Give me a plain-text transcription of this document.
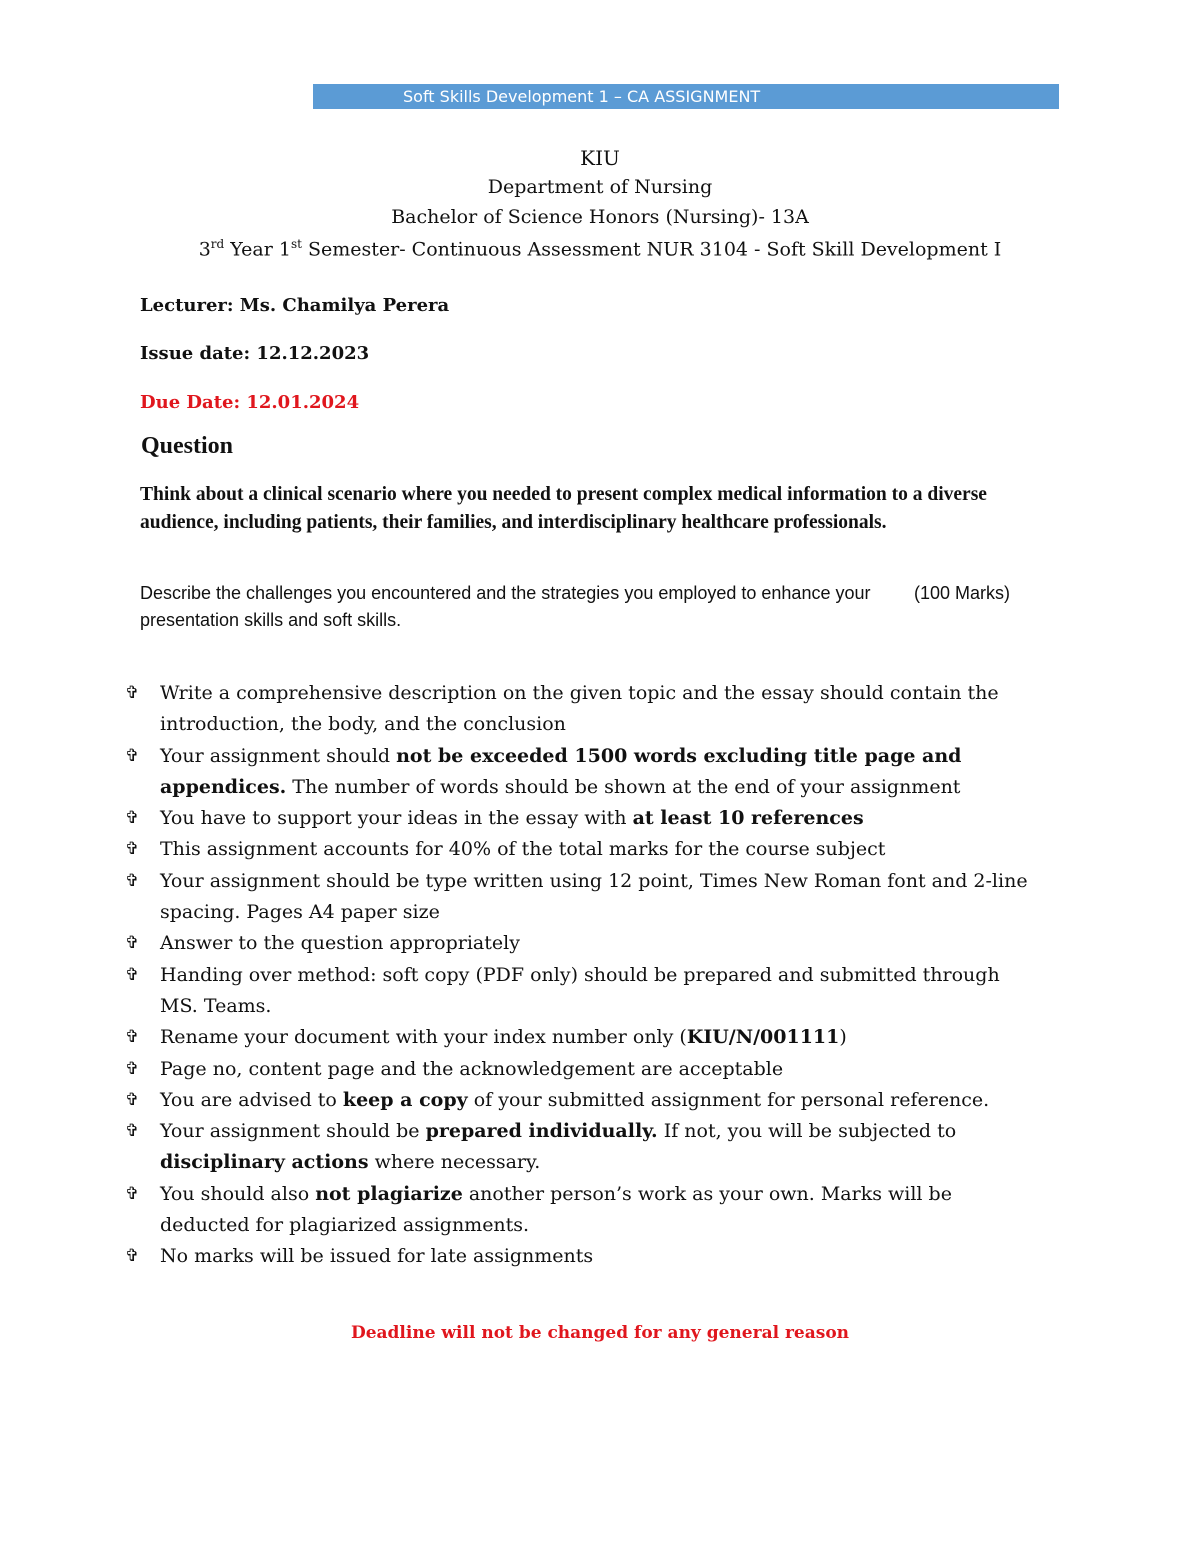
Soft Skills Development 1 – CA ASSIGNMENT
KIU
Department of Nursing
Bachelor of Science Honors (Nursing)- 13A
3rd Year 1st Semester- Continuous Assessment NUR 3104 - Soft Skill Development I
Lecturer: Ms. Chamilya Perera
Issue date: 12.12.2023
Due Date: 12.01.2024
Question
Think about a clinical scenario where you needed to present complex medical information to a diverse audience, including patients, their families, and interdisciplinary healthcare professionals.
(100 Marks)
Describe the challenges you encountered and the strategies you employed to enhance your presentation skills and soft skills.
✞ Write a comprehensive description on the given topic and the essay should contain the introduction, the body, and the conclusion
✞ Your assignment should not be exceeded 1500 words excluding title page and appendices. The number of words should be shown at the end of your assignment
✞ You have to support your ideas in the essay with at least 10 references
✞ This assignment accounts for 40% of the total marks for the course subject
✞ Your assignment should be type written using 12 point, Times New Roman font and 2-line spacing. Pages A4 paper size
✞ Answer to the question appropriately
✞ Handing over method: soft copy (PDF only) should be prepared and submitted through MS. Teams.
✞ Rename your document with your index number only (KIU/N/001111)
✞ Page no, content page and the acknowledgement are acceptable
✞ You are advised to keep a copy of your submitted assignment for personal reference.
✞ Your assignment should be prepared individually. If not, you will be subjected to disciplinary actions where necessary.
✞ You should also not plagiarize another person’s work as your own. Marks will be deducted for plagiarized assignments.
✞ No marks will be issued for late assignments
Deadline will not be changed for any general reason
